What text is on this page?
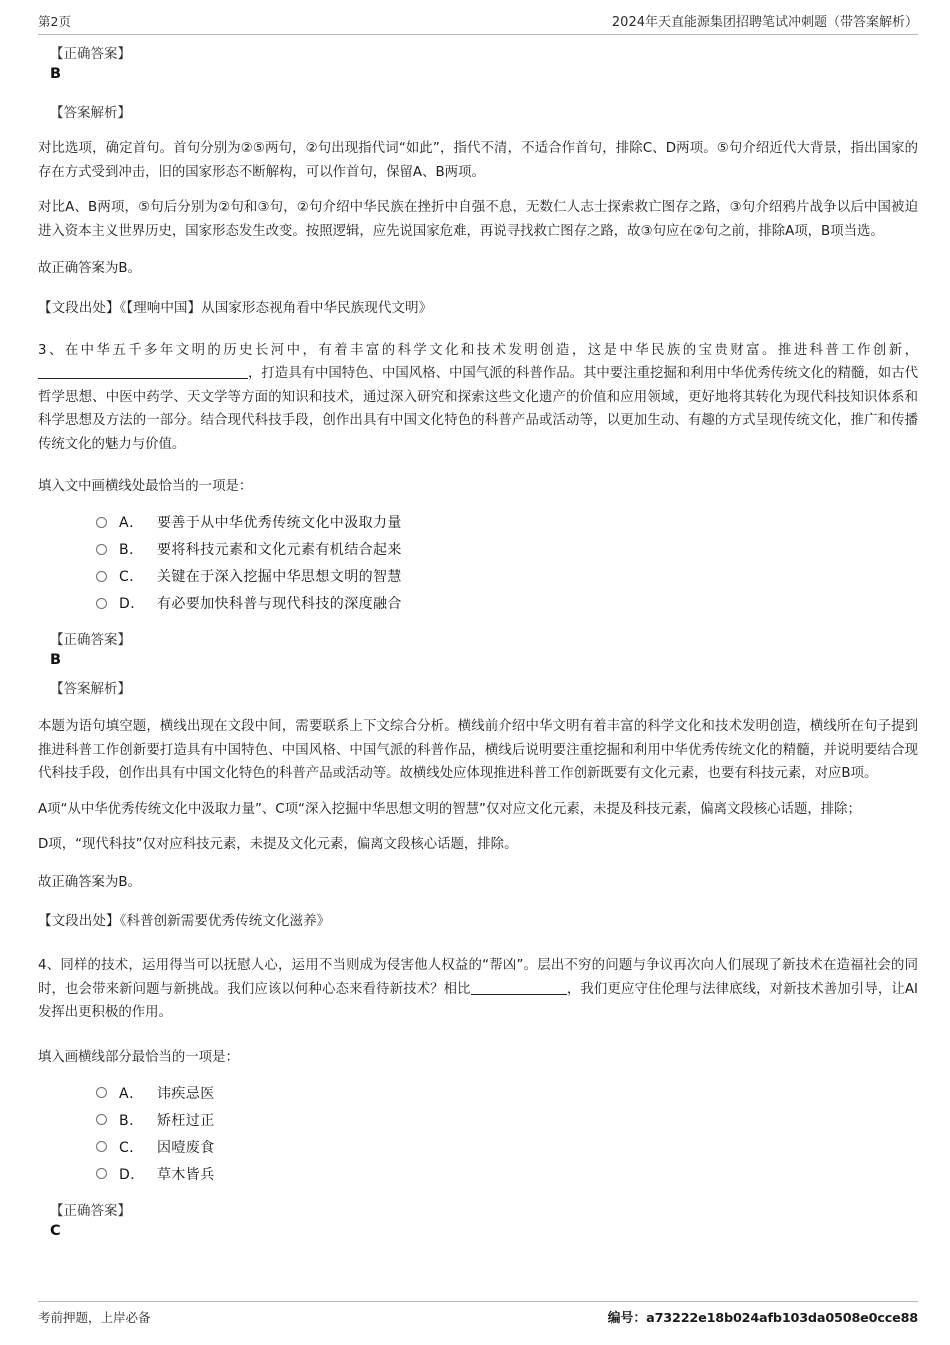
第2页	2024年天直能源集团招聘笔试冲刺题（带答案解析）
【正确答案】
B
【答案解析】
对比选项，确定首句。首句分别为②⑤两句，②句出现指代词“如此”，指代不清，不适合作首句，排除C、D两项。⑤句介绍近代大背景，指出国家的存在方式受到冲击，旧的国家形态不断解构，可以作首句，保留A、B两项。
对比A、B两项，⑤句后分别为②句和③句，②句介绍中华民族在挫折中自强不息，无数仁人志士探索救亡图存之路，③句介绍鸦片战争以后中国被迫进入资本主义世界历史，国家形态发生改变。按照逻辑，应先说国家危难，再说寻找救亡图存之路，故③句应在②句之前，排除A项，B项当选。
故正确答案为B。
【文段出处】《【理响中国】从国家形态视角看中华民族现代文明》
3、在中华五千多年文明的历史长河中，有着丰富的科学文化和技术发明创造，这是中华民族的宝贵财富。推进科普工作创新，，打造具有中国特色、中国风格、中国气派的科普作品。其中要注重挖掘和利用中华优秀传统文化的精髓，如古代哲学思想、中医中药学、天文学等方面的知识和技术，通过深入研究和探索这些文化遗产的价值和应用领域，更好地将其转化为现代科技知识体系和科学思想及方法的一部分。结合现代科技手段，创作出具有中国文化特色的科普产品或活动等，以更加生动、有趣的方式呈现传统文化，推广和传播传统文化的魅力与价值。
填入文中画横线处最恰当的一项是：
A． 要善于从中华优秀传统文化中汲取力量
B． 要将科技元素和文化元素有机结合起来
C． 关键在于深入挖掘中华思想文明的智慧
D． 有必要加快科普与现代科技的深度融合
【正确答案】
B
【答案解析】
本题为语句填空题，横线出现在文段中间，需要联系上下文综合分析。横线前介绍中华文明有着丰富的科学文化和技术发明创造，横线所在句子提到推进科普工作创新要打造具有中国特色、中国风格、中国气派的科普作品，横线后说明要注重挖掘和利用中华优秀传统文化的精髓，并说明要结合现代科技手段，创作出具有中国文化特色的科普产品或活动等。故横线处应体现推进科普工作创新既要有文化元素，也要有科技元素，对应B项。
A项“从中华优秀传统文化中汲取力量”、C项“深入挖掘中华思想文明的智慧”仅对应文化元素，未提及科技元素，偏离文段核心话题，排除；
D项，“现代科技”仅对应科技元素，未提及文化元素，偏离文段核心话题，排除。
故正确答案为B。
【文段出处】《科普创新需要优秀传统文化滋养》
4、同样的技术，运用得当可以抚慰人心，运用不当则成为侵害他人权益的“帮凶”。层出不穷的问题与争议再次向人们展现了新技术在造福社会的同时，也会带来新问题与新挑战。我们应该以何种心态来看待新技术？相比	，我们更应守住伦理与法律底线，对新技术善加引导，让AI发挥出更积极的作用。
填入画横线部分最恰当的一项是：
A． 讳疾忌医
B． 矫枉过正
C． 因噎废食
D． 草木皆兵
【正确答案】
C
考前押题，上岸必备	编号：a73222e18b024afb103da0508e0cce88
